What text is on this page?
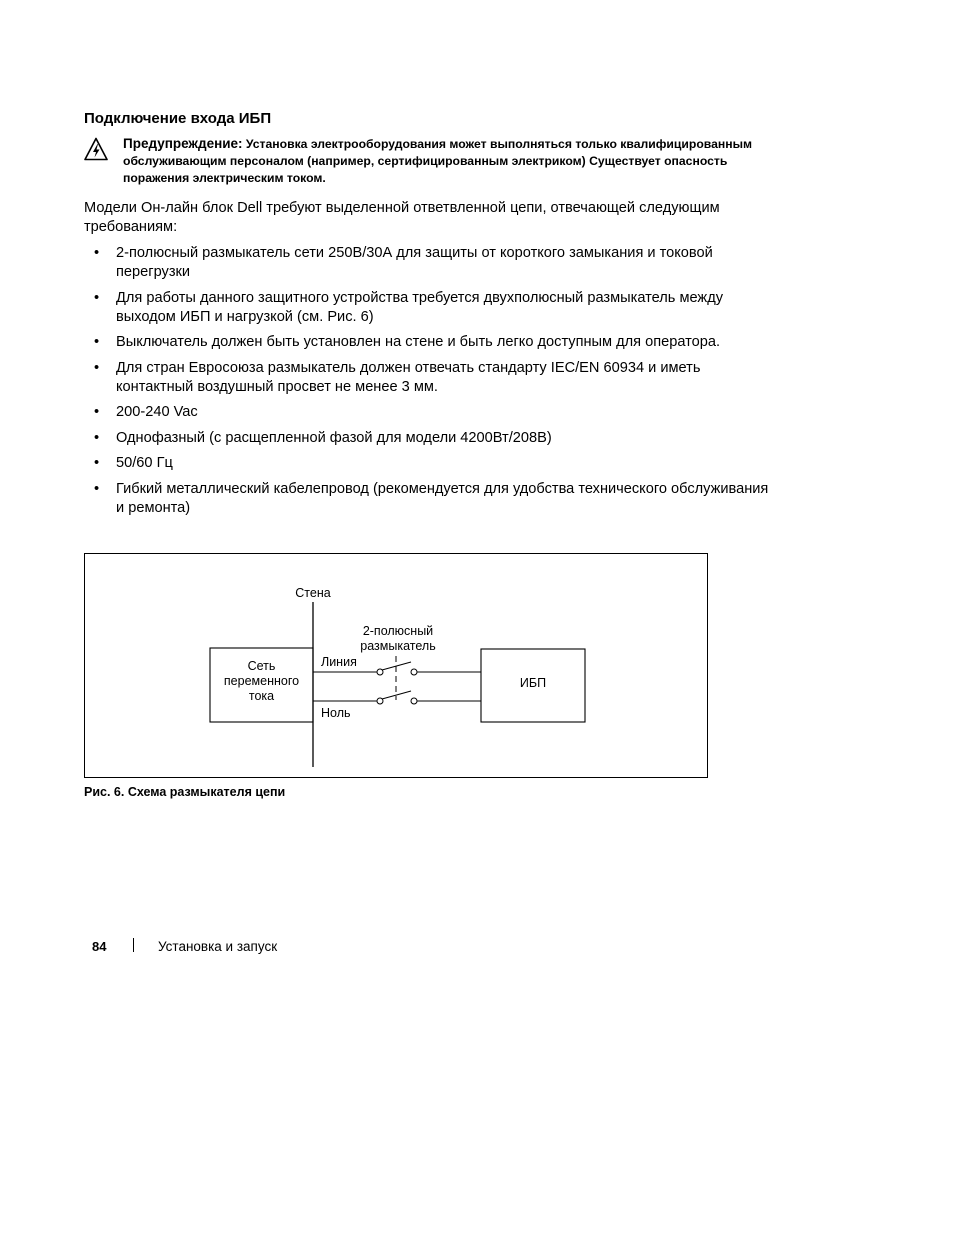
Подключение входа ИБП
Предупреждение: Установка электрооборудования может выполняться только квалифицированным обслуживающим персоналом (например, сертифицированным электриком) Существует опасность поражения электрическим током.

Модели Он-лайн блок Dell требуют выделенной ответвленной цепи, отвечающей следующим требованиям:

• 2-полюсный размыкатель сети 250В/30А для защиты от короткого замыкания и токовой перегрузки
• Для работы данного защитного устройства требуется двухполюсный размыкатель между выходом ИБП и нагрузкой (см. Рис. 6)
• Выключатель должен быть установлен на стене и быть легко доступным для оператора.
• Для стран Евросоюза размыкатель должен отвечать стандарту IEC/EN 60934 и иметь контактный воздушный просвет не менее 3 мм.
• 200-240 Vac
• Однофазный (с расщепленной фазой для модели 4200Вт/208В)
• 50/60 Гц
• Гибкий металлический кабелепровод (рекомендуется для удобства технического обслуживания и ремонта)
Стена
2-полюсный
размыкатель
Сеть
переменного
тока
Линия
Ноль
ИБП

Рис. 6. Схема размыкателя цепи

84	Установка и запуск
